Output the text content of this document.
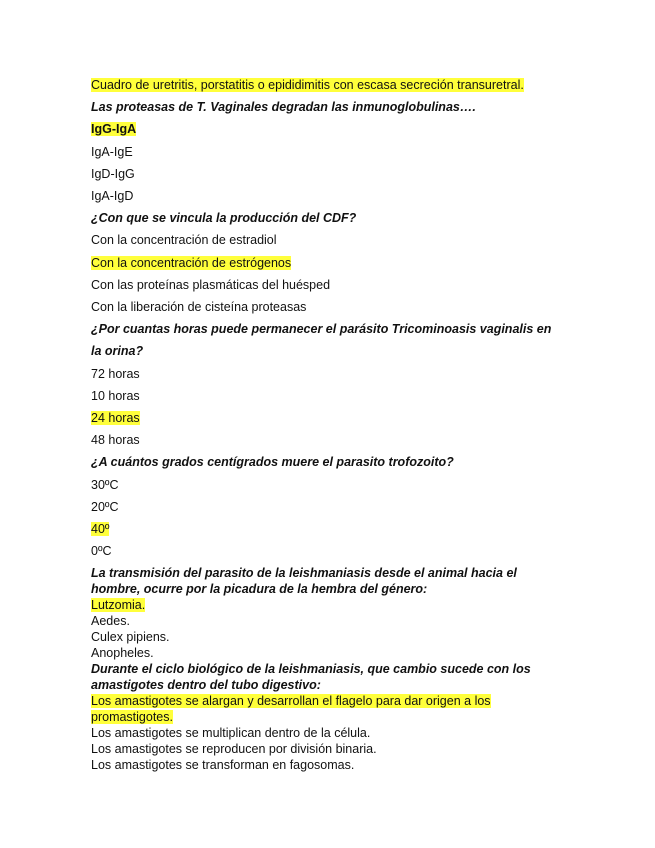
Cuadro de uretritis, porstatitis o epididimitis con escasa secreción transuretral.
Las proteasas de T. Vaginales degradan las inmunoglobulinas….
IgG-IgA
IgA-IgE
IgD-IgG
IgA-IgD
¿Con que se vincula la producción del CDF?
Con la concentración de estradiol
Con la concentración de estrógenos
Con las proteínas plasmáticas del huésped
Con la liberación de cisteína proteasas
¿Por cuantas horas puede permanecer el parásito Tricominoasis vaginalis en
la orina?
72 horas
10 horas
24 horas
48 horas
¿A cuántos grados centígrados muere el parasito trofozoito?
30ºC
20ºC
40º
0ºC
La transmisión del parasito de la leishmaniasis desde el animal hacia el
hombre, ocurre por la picadura de la hembra del género:
Lutzomia.
Aedes.
Culex pipiens.
Anopheles.
Durante el ciclo biológico de la leishmaniasis, que cambio sucede con los
amastigotes dentro del tubo digestivo:
Los amastigotes se alargan y desarrollan el flagelo para dar origen a los
promastigotes.
Los amastigotes se multiplican dentro de la célula.
Los amastigotes se reproducen por división binaria.
Los amastigotes se transforman en fagosomas.
